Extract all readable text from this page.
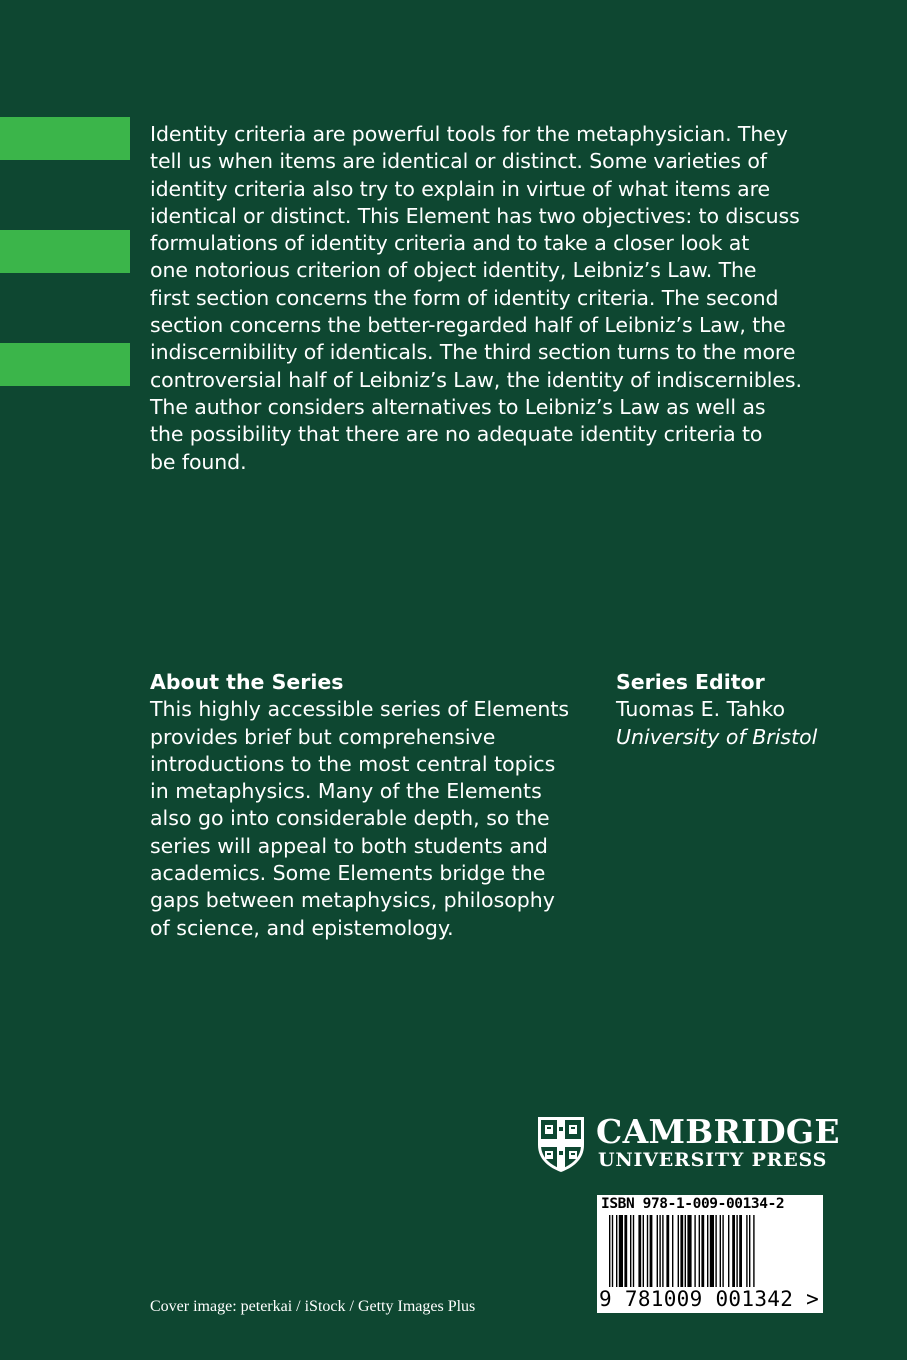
Identity criteria are powerful tools for the metaphysician. They
tell us when items are identical or distinct. Some varieties of
identity criteria also try to explain in virtue of what items are
identical or distinct. This Element has two objectives: to discuss
formulations of identity criteria and to take a closer look at
one notorious criterion of object identity, Leibniz’s Law. The
first section concerns the form of identity criteria. The second
section concerns the better-regarded half of Leibniz’s Law, the
indiscernibility of identicals. The third section turns to the more
controversial half of Leibniz’s Law, the identity of indiscernibles.
The author considers alternatives to Leibniz’s Law as well as
the possibility that there are no adequate identity criteria to
be found.

About the Series
This highly accessible series of Elements
provides brief but comprehensive
introductions to the most central topics
in metaphysics. Many of the Elements
also go into considerable depth, so the
series will appeal to both students and
academics. Some Elements bridge the
gaps between metaphysics, philosophy
of science, and epistemology.
Series Editor
Tuomas E. Tahko
University of Bristol
CAMBRIDGE
UNIVERSITY PRESS
ISBN 978-1-009-00134-2
9 781009 001342 >
Cover image: peterkai / iStock / Getty Images Plus
